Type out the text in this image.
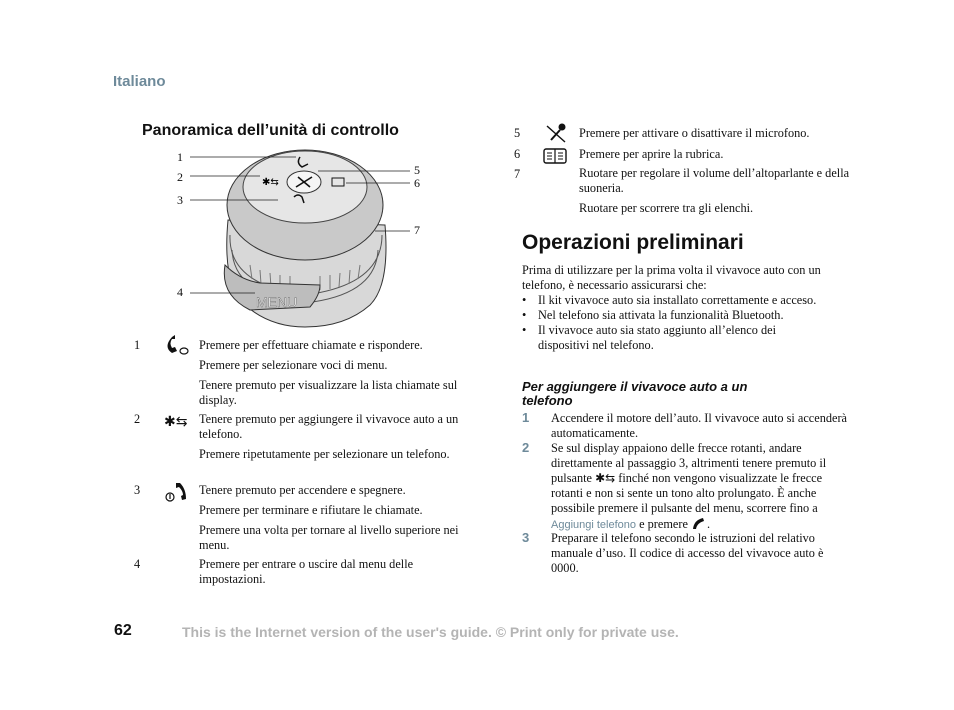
Italiano
Panoramica dell’unità di controllo
MENU
✱⇆
1
2
3
4
5
6
7
1	Premere per effettuare chiamate e rispondere.
Premere per selezionare voci di menu.
Tenere premuto per visualizzare la lista chiamate sul display.
2 ✱⇆ Tenere premuto per aggiungere il vivavoce auto a un telefono.
Premere ripetutamente per selezionare un telefono.
3	Tenere premuto per accendere e spegnere.
Premere per terminare e rifiutare le chiamate.
Premere una volta per tornare al livello superiore nei menu.
4	Premere per entrare o uscire dal menu delle impostazioni.
5	Premere per attivare o disattivare il microfono.
6	Premere per aprire la rubrica.
7	Ruotare per regolare il volume dell’altoparlante e della suoneria.
Ruotare per scorrere tra gli elenchi.
Operazioni preliminari
Prima di utilizzare per la prima volta il vivavoce auto con un telefono, è necessario assicurarsi che:
• Il kit vivavoce auto sia installato correttamente e acceso.
• Nel telefono sia attivata la funzionalità Bluetooth.
• Il vivavoce auto sia stato aggiunto all’elenco dei dispositivi nel telefono.
Per aggiungere il vivavoce auto a un telefono
1 Accendere il motore dell’auto. Il vivavoce auto si accenderà automaticamente.
2 Se sul display appaiono delle frecce rotanti, andare direttamente al passaggio 3, altrimenti tenere premuto il pulsante ✱⇆ finché non vengono visualizzate le frecce rotanti e non si sente un tono alto prolungato. È anche possibile premere il pulsante del menu, scorrere fino a Aggiungi telefono e premere .
3 Preparare il telefono secondo le istruzioni del relativo manuale d’uso. Il codice di accesso del vivavoce auto è 0000.
62	This is the Internet version of the user's guide. © Print only for private use.
